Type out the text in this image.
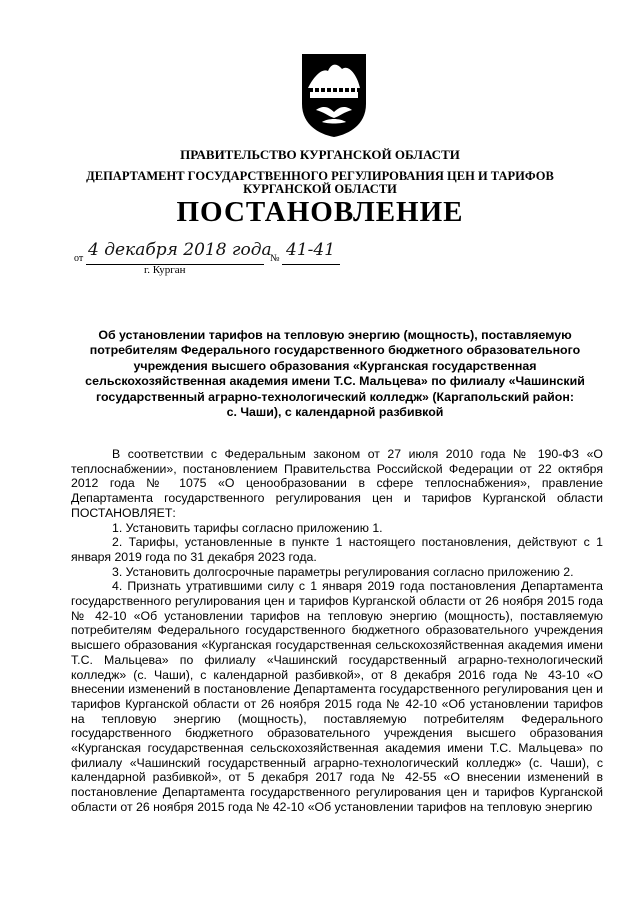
ПРАВИТЕЛЬСТВО КУРГАНСКОЙ ОБЛАСТИ
ДЕПАРТАМЕНТ ГОСУДАРСТВЕННОГО РЕГУЛИРОВАНИЯ ЦЕН И ТАРИФОВ
КУРГАНСКОЙ ОБЛАСТИ
ПОСТАНОВЛЕНИЕ
от 4 декабря 2018 года
№ 41-41
г. Курган
Об установлении тарифов на тепловую энергию (мощность), поставляемую
потребителям Федерального государственного бюджетного образовательного
учреждения высшего образования «Курганская государственная
сельскохозяйственная академия имени Т.С. Мальцева» по филиалу «Чашинский
государственный аграрно-технологический колледж» (Каргапольский район:
с. Чаши), с календарной разбивкой

В соответствии с Федеральным законом от 27 июля 2010 года № 190-ФЗ «О теплоснабжении», постановлением Правительства Российской Федерации от 22 октября 2012 года № 1075 «О ценообразовании в сфере теплоснабжения», правление Департамента государственного регулирования цен и тарифов Курганской области ПОСТАНОВЛЯЕТ:

1. Установить тарифы согласно приложению 1.

2. Тарифы, установленные в пункте 1 настоящего постановления, действуют с 1 января 2019 года по 31 декабря 2023 года.

3. Установить долгосрочные параметры регулирования согласно приложению 2.

4. Признать утратившими силу с 1 января 2019 года постановления Департамента государственного регулирования цен и тарифов Курганской области от 26 ноября 2015 года № 42-10 «Об установлении тарифов на тепловую энергию (мощность), поставляемую потребителям Федерального государственного бюджетного образовательного учреждения высшего образования «Курганская государственная сельскохозяйственная академия имени Т.С. Мальцева» по филиалу «Чашинский государственный аграрно-технологический колледж» (с. Чаши), с календарной разбивкой», от 8 декабря 2016 года № 43-10 «О внесении изменений в постановление Департамента государственного регулирования цен и тарифов Курганской области от 26 ноября 2015 года № 42-10 «Об установлении тарифов на тепловую энергию (мощность), поставляемую потребителям Федерального государственного бюджетного образовательного учреждения высшего образования «Курганская государственная сельскохозяйственная академия имени Т.С. Мальцева» по филиалу «Чашинский государственный аграрно-технологический колледж» (с. Чаши), с календарной разбивкой», от 5 декабря 2017 года № 42-55 «О внесении изменений в постановление Департамента государственного регулирования цен и тарифов Курганской области от 26 ноября 2015 года № 42-10 «Об установлении тарифов на тепловую энергию
